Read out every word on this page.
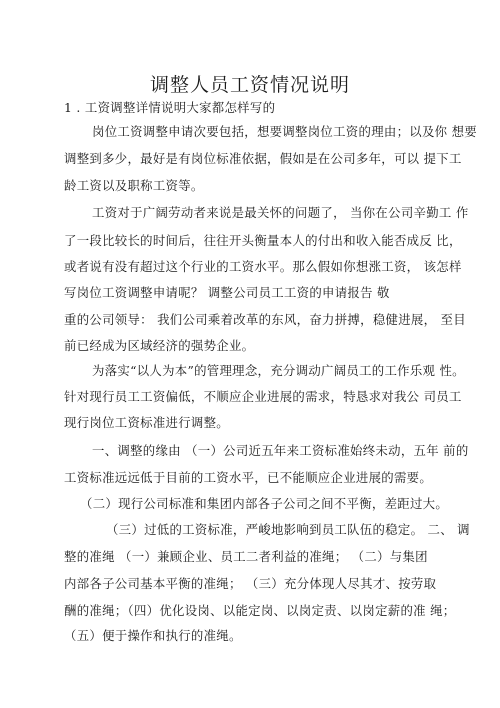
调整人员工资情况说明

1 . 工资调整详情说明大家都怎样写的

岗位工资调整申请次要包括，想要调整岗位工资的理由；以及你 想要

调整到多少，最好是有岗位标准依据，假如是在公司多年，可以 提下工

龄工资以及职称工资等。

工资对于广阔劳动者来说是最关怀的问题了， 当你在公司辛勤工 作

了一段比较长的时间后，往往开头衡量本人的付出和收入能否成反 比，

或者说有没有超过这个行业的工资水平。那么假如你想涨工资， 该怎样

写岗位工资调整申请呢？ 调整公司员工工资的申请报告 敬

重的公司领导： 我们公司乘着改革的东风，奋力拼搏，稳健进展， 至目

前已经成为区域经济的强势企业。

为落实“以人为本”的管理理念，充分调动广阔员工的工作乐观 性。

针对现行员工工资偏低，不顺应企业进展的需求，特恳求对我公 司员工

现行岗位工资标准进行调整。

一、调整的缘由 （一）公司近五年来工资标准始终未动，五年 前的

工资标准远远低于目前的工资水平，已不能顺应企业进展的需要。

（二）现行公司标准和集团内部各子公司之间不平衡，差距过大。

（三）过低的工资标准，严峻地影响到员工队伍的稳定。 二、 调

整的准绳 （一）兼顾企业、员工二者利益的准绳； （二）与集团

内部各子公司基本平衡的准绳； （三）充分体现人尽其才、按劳取

酬的准绳；（四）优化设岗、以能定岗、以岗定责、以岗定薪的准 绳；

（五）便于操作和执行的准绳。
